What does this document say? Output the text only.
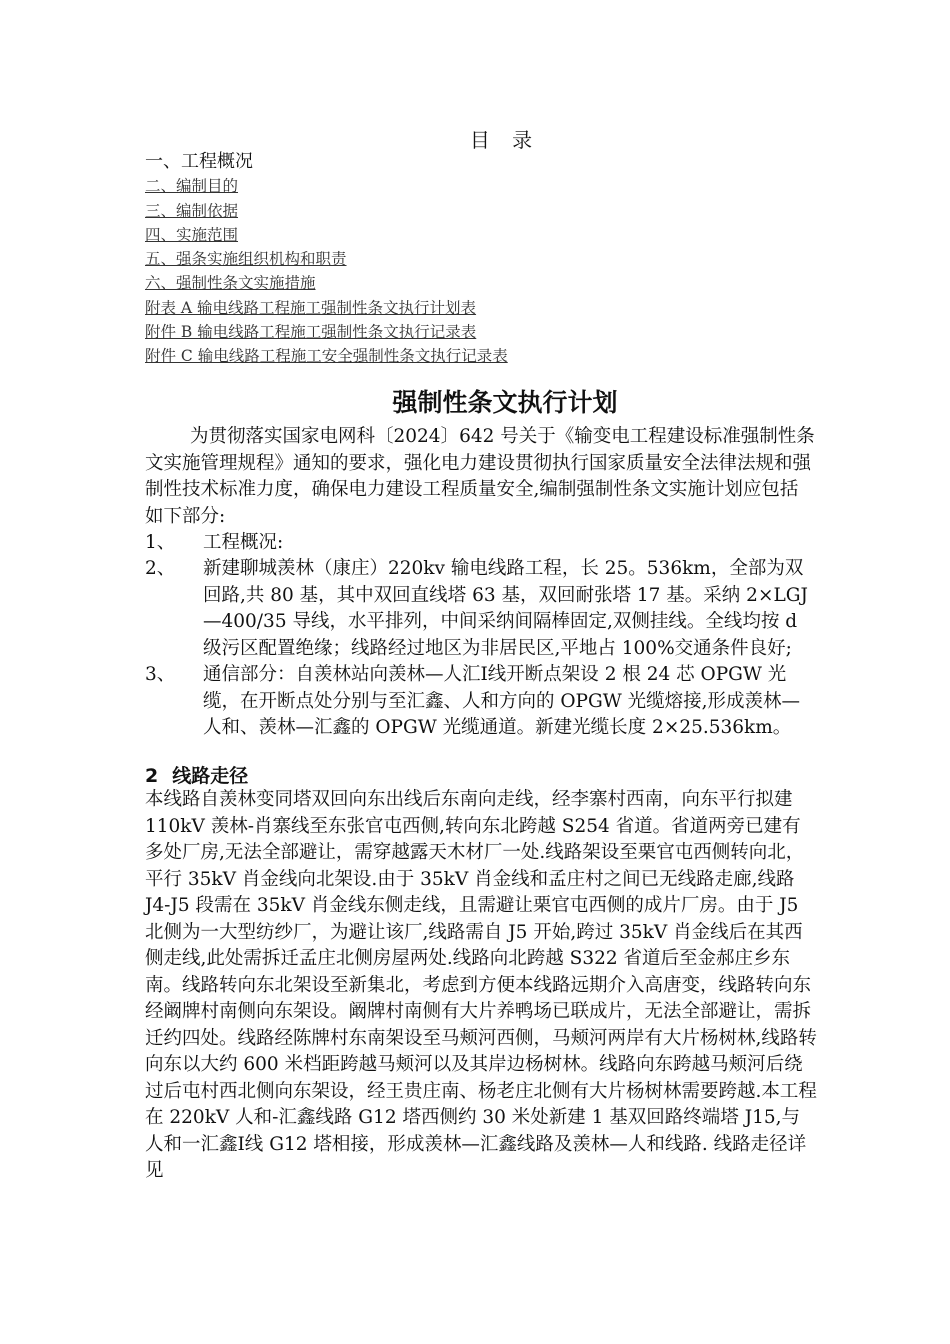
目 录
一、工程概况
二、编制目的
三、编制依据
四、实施范围
五、强条实施组织机构和职责
六、强制性条文实施措施
附表 A 输电线路工程施工强制性条文执行计划表
附件 B 输电线路工程施工强制性条文执行记录表
附件 C 输电线路工程施工安全强制性条文执行记录表
强制性条文执行计划
为贯彻落实国家电网科〔2024〕642 号关于《输变电工程建设标准强制性条文实施管理规程》通知的要求，强化电力建设贯彻执行国家质量安全法律法规和强制性技术标准力度，确保电力建设工程质量安全,编制强制性条文实施计划应包括如下部分:
1、	工程概况:
2、	新建聊城羡林（康庄）220kv 输电线路工程，长 25。536km，全部为双回路,共 80 基，其中双回直线塔 63 基，双回耐张塔 17 基。采纳 2×LGJ—400/35 导线，水平排列，中间采纳间隔棒固定,双侧挂线。全线均按 d 级污区配置绝缘；线路经过地区为非居民区,平地占 100%交通条件良好;
3、	通信部分：自羡林站向羡林—人汇Ⅰ线开断点架设 2 根 24 芯 OPGW 光缆，在开断点处分别与至汇鑫、人和方向的 OPGW 光缆熔接,形成羡林—人和、羡林—汇鑫的 OPGW 光缆通道。新建光缆长度 2×25.536km。
2 线路走径
本线路自羡林变同塔双回向东出线后东南向走线，经李寨村西南，向东平行拟建 110kV 羡林-肖寨线至东张官屯西侧,转向东北跨越 S254 省道。省道两旁已建有多处厂房,无法全部避让，需穿越露天木材厂一处.线路架设至栗官屯西侧转向北，平行 35kV 肖金线向北架设.由于 35kV 肖金线和孟庄村之间已无线路走廊,线路 J4-J5 段需在 35kV 肖金线东侧走线，且需避让栗官屯西侧的成片厂房。由于 J5 北侧为一大型纺纱厂，为避让该厂,线路需自 J5 开始,跨过 35kV 肖金线后在其西侧走线,此处需拆迁孟庄北侧房屋两处.线路向北跨越 S322 省道后至金郝庄乡东南。线路转向东北架设至新集北，考虑到方便本线路远期介入高唐变，线路转向东经阚牌村南侧向东架设。阚牌村南侧有大片养鸭场已联成片，无法全部避让，需拆迁约四处。线路经陈牌村东南架设至马颊河西侧，马颊河两岸有大片杨树林,线路转向东以大约 600 米档距跨越马颊河以及其岸边杨树林。线路向东跨越马颊河后绕过后屯村西北侧向东架设，经王贵庄南、杨老庄北侧有大片杨树林需要跨越.本工程在 220kV 人和-汇鑫线路 G12 塔西侧约 30 米处新建 1 基双回路终端塔 J15,与人和一汇鑫Ⅰ线 G12 塔相接，形成羡林—汇鑫线路及羡林—人和线路. 线路走径详见
